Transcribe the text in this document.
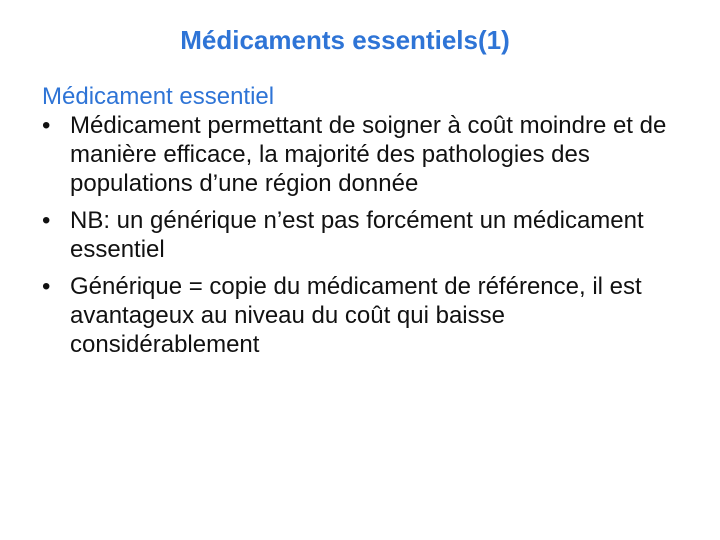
Médicaments essentiels(1)

Médicament essentiel

• Médicament permettant de soigner à coût moindre et de manière efficace, la majorité des pathologies des populations d’une région donnée
• NB: un générique n’est pas forcément un médicament essentiel
• Générique = copie du médicament de référence, il est avantageux au niveau du coût qui baisse considérablement
